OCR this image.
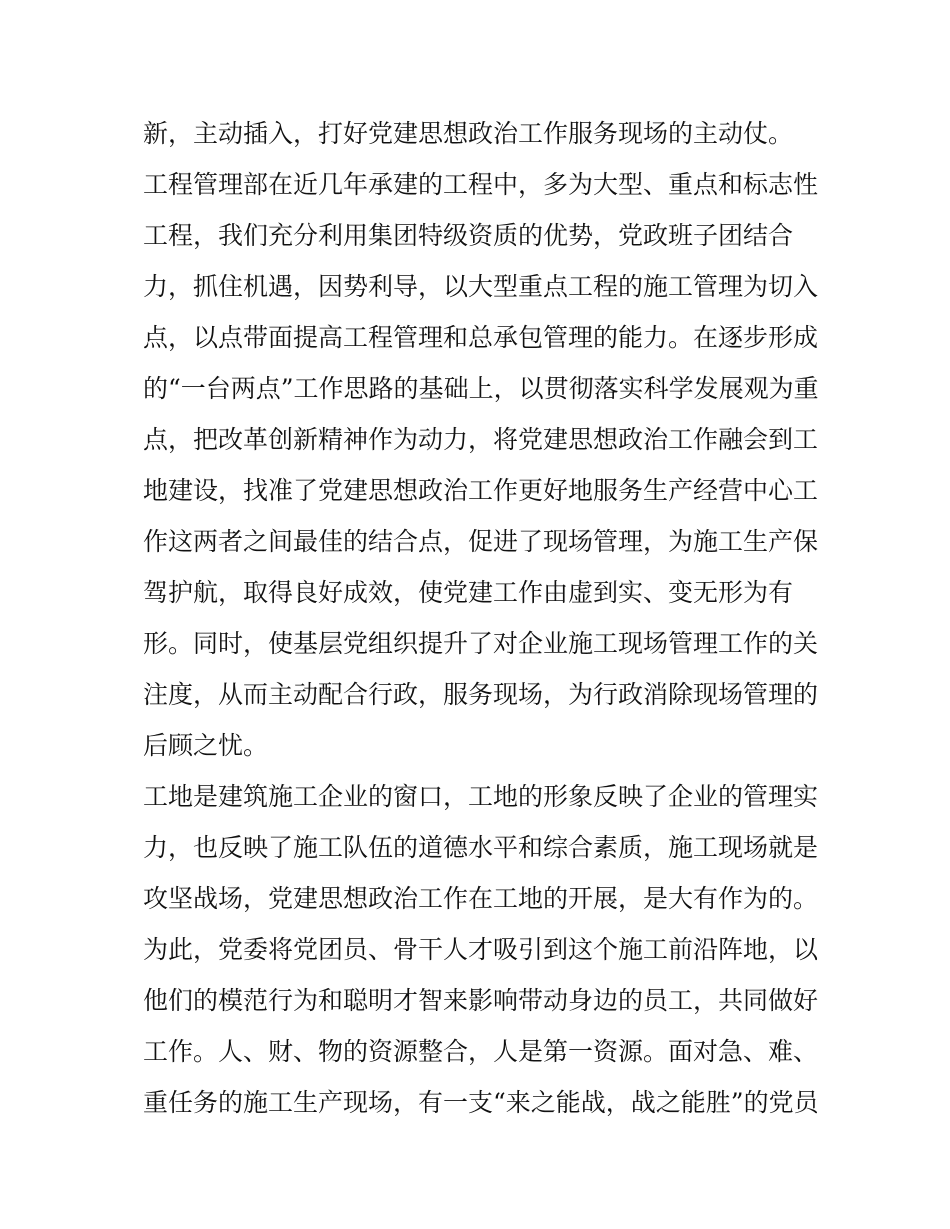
新，主动插入，打好党建思想政治工作服务现场的主动仗。
工程管理部在近几年承建的工程中，多为大型、重点和标志性
工程，我们充分利用集团特级资质的优势，党政班子团结合
力，抓住机遇，因势利导，以大型重点工程的施工管理为切入
点，以点带面提高工程管理和总承包管理的能力。在逐步形成
的“一台两点”工作思路的基础上，以贯彻落实科学发展观为重
点，把改革创新精神作为动力，将党建思想政治工作融会到工
地建设，找准了党建思想政治工作更好地服务生产经营中心工
作这两者之间最佳的结合点，促进了现场管理，为施工生产保
驾护航，取得良好成效，使党建工作由虚到实、变无形为有
形。同时，使基层党组织提升了对企业施工现场管理工作的关
注度，从而主动配合行政，服务现场，为行政消除现场管理的
后顾之忧。
工地是建筑施工企业的窗口，工地的形象反映了企业的管理实
力，也反映了施工队伍的道德水平和综合素质，施工现场就是
攻坚战场，党建思想政治工作在工地的开展，是大有作为的。
为此，党委将党团员、骨干人才吸引到这个施工前沿阵地，以
他们的模范行为和聪明才智来影响带动身边的员工，共同做好
工作。人、财、物的资源整合，人是第一资源。面对急、难、
重任务的施工生产现场，有一支“来之能战，战之能胜”的党员
